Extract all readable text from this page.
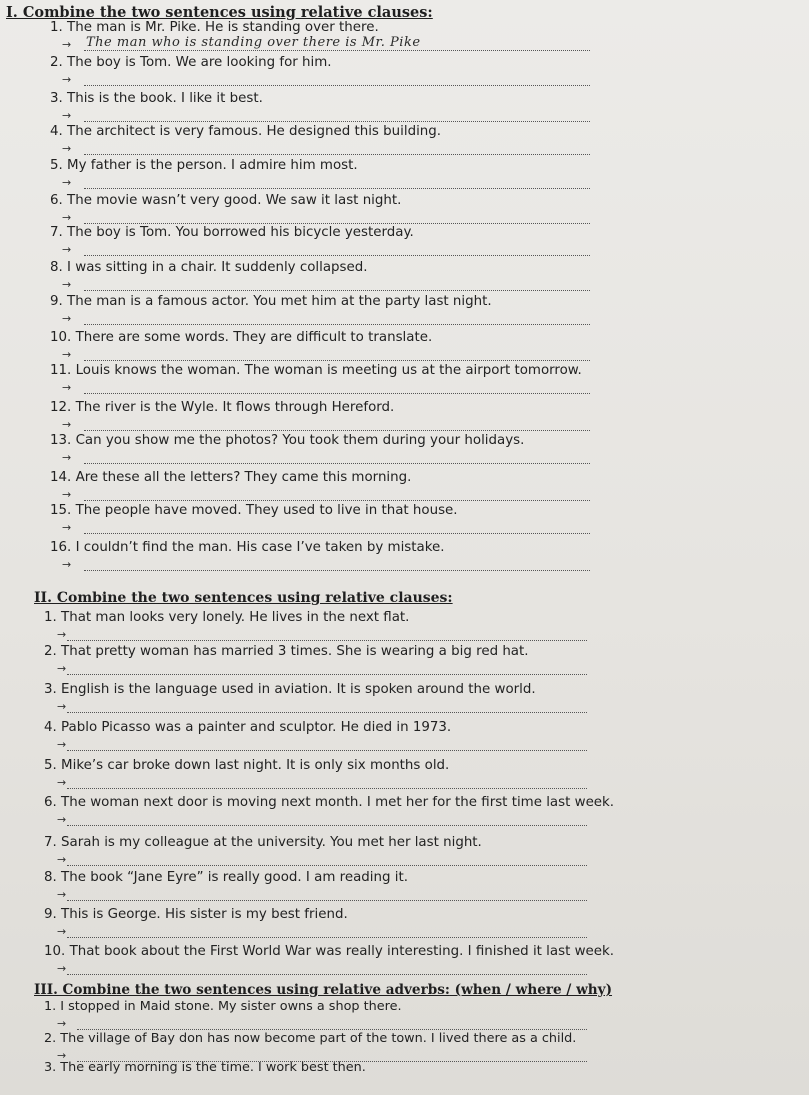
I. Combine the two sentences using relative clauses:
1. The man is Mr. Pike. He is standing over there.
→ The man who is standing over there is Mr. Pike
2. The boy is Tom. We are looking for him.
→
3. This is the book. I like it best.
→
4. The architect is very famous. He designed this building.
→
5. My father is the person. I admire him most.
→
6. The movie wasn’t very good. We saw it last night.
→
7. The boy is Tom. You borrowed his bicycle yesterday.
→
8. I was sitting in a chair. It suddenly collapsed.
→
9. The man is a famous actor. You met him at the party last night.
→
10. There are some words. They are difficult to translate.
→
11. Louis knows the woman. The woman is meeting us at the airport tomorrow.
→
12. The river is the Wyle. It flows through Hereford.
→
13. Can you show me the photos? You took them during your holidays.
→
14. Are these all the letters? They came this morning.
→
15. The people have moved. They used to live in that house.
→
16. I couldn’t find the man. His case I’ve taken by mistake.
→
II. Combine the two sentences using relative clauses:
1. That man looks very lonely. He lives in the next flat.
→
2. That pretty woman has married 3 times. She is wearing a big red hat.
→
3. English is the language used in aviation. It is spoken around the world.
→
4. Pablo Picasso was a painter and sculptor. He died in 1973.
→
5. Mike’s car broke down last night. It is only six months old.
→
6. The woman next door is moving next month. I met her for the first time last week.
→
7. Sarah is my colleague at the university. You met her last night.
→
8. The book “Jane Eyre” is really good. I am reading it.
→
9. This is George. His sister is my best friend.
→
10. That book about the First World War was really interesting. I finished it last week.
→
III. Combine the two sentences using relative adverbs: (when / where / why)
1. I stopped in Maid stone. My sister owns a shop there.
→
2. The village of Bay don has now become part of the town. I lived there as a child.
→
3. The early morning is the time. I work best then.
